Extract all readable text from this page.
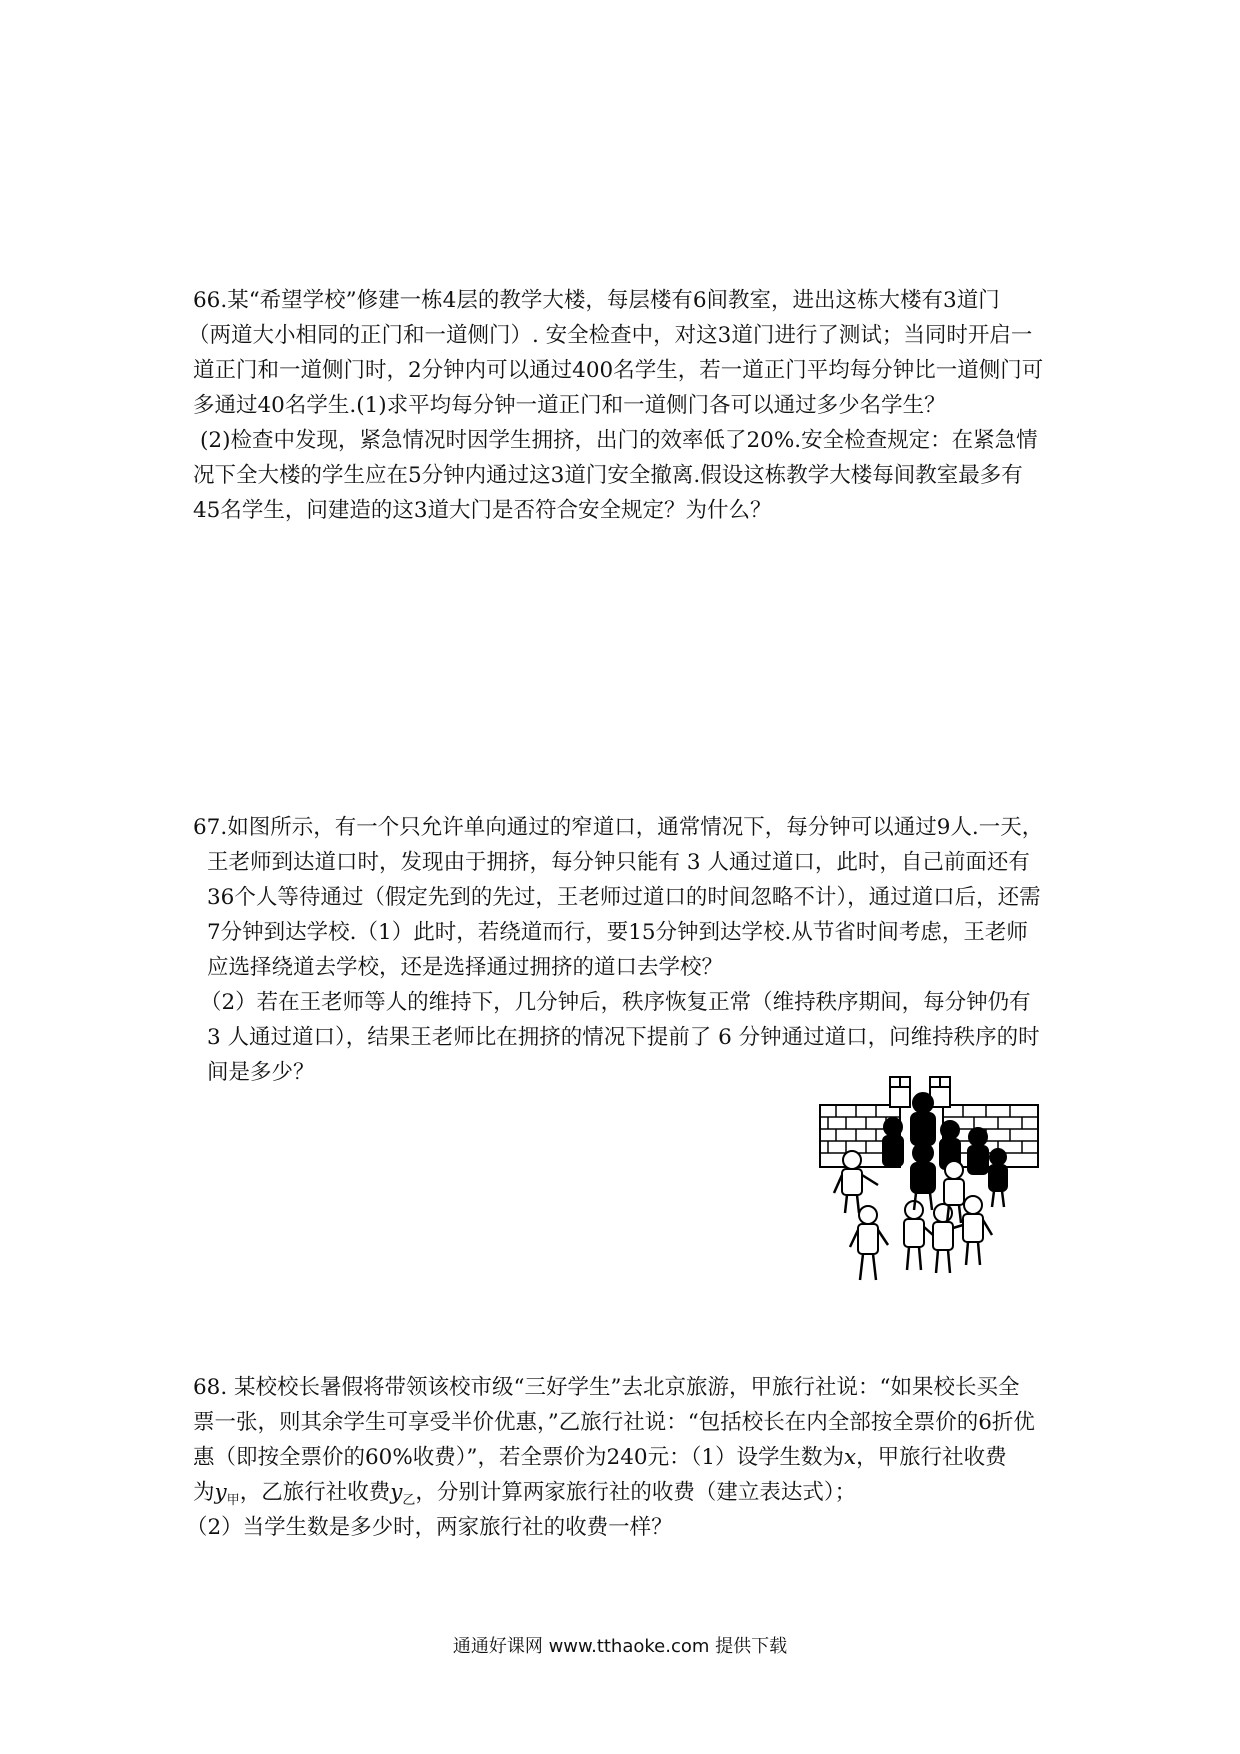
66.某“希望学校”修建一栋4层的教学大楼，每层楼有6间教室，进出这栋大楼有3道门
（两道大小相同的正门和一道侧门）. 安全检查中，对这3道门进行了测试；当同时开启一
道正门和一道侧门时，2分钟内可以通过400名学生，若一道正门平均每分钟比一道侧门可
多通过40名学生.(1)求平均每分钟一道正门和一道侧门各可以通过多少名学生？
(2)检查中发现，紧急情况时因学生拥挤，出门的效率低了20%.安全检查规定：在紧急情
况下全大楼的学生应在5分钟内通过这3道门安全撤离.假设这栋教学大楼每间教室最多有
45名学生，问建造的这3道大门是否符合安全规定？为什么？
67.如图所示，有一个只允许单向通过的窄道口，通常情况下，每分钟可以通过9人.一天，
王老师到达道口时，发现由于拥挤，每分钟只能有 3 人通过道口，此时，自己前面还有
36个人等待通过（假定先到的先过，王老师过道口的时间忽略不计），通过道口后，还需
7分钟到达学校.（1）此时，若绕道而行，要15分钟到达学校.从节省时间考虑，王老师
应选择绕道去学校，还是选择通过拥挤的道口去学校？
（2）若在王老师等人的维持下，几分钟后，秩序恢复正常（维持秩序期间，每分钟仍有
3 人通过道口），结果王老师比在拥挤的情况下提前了 6 分钟通过道口，问维持秩序的时
间是多少？
68. 某校校长暑假将带领该校市级“三好学生”去北京旅游，甲旅行社说：“如果校长买全
票一张，则其余学生可享受半价优惠，”乙旅行社说：“包括校长在内全部按全票价的6折优
惠（即按全票价的60%收费）”，若全票价为240元：（1）设学生数为x，甲旅行社收费
为$y_甲$，乙旅行社收费$y_乙$，分别计算两家旅行社的收费（建立表达式）；
（2）当学生数是多少时，两家旅行社的收费一样？
通通好课网 www.tthaoke.com 提供下载
